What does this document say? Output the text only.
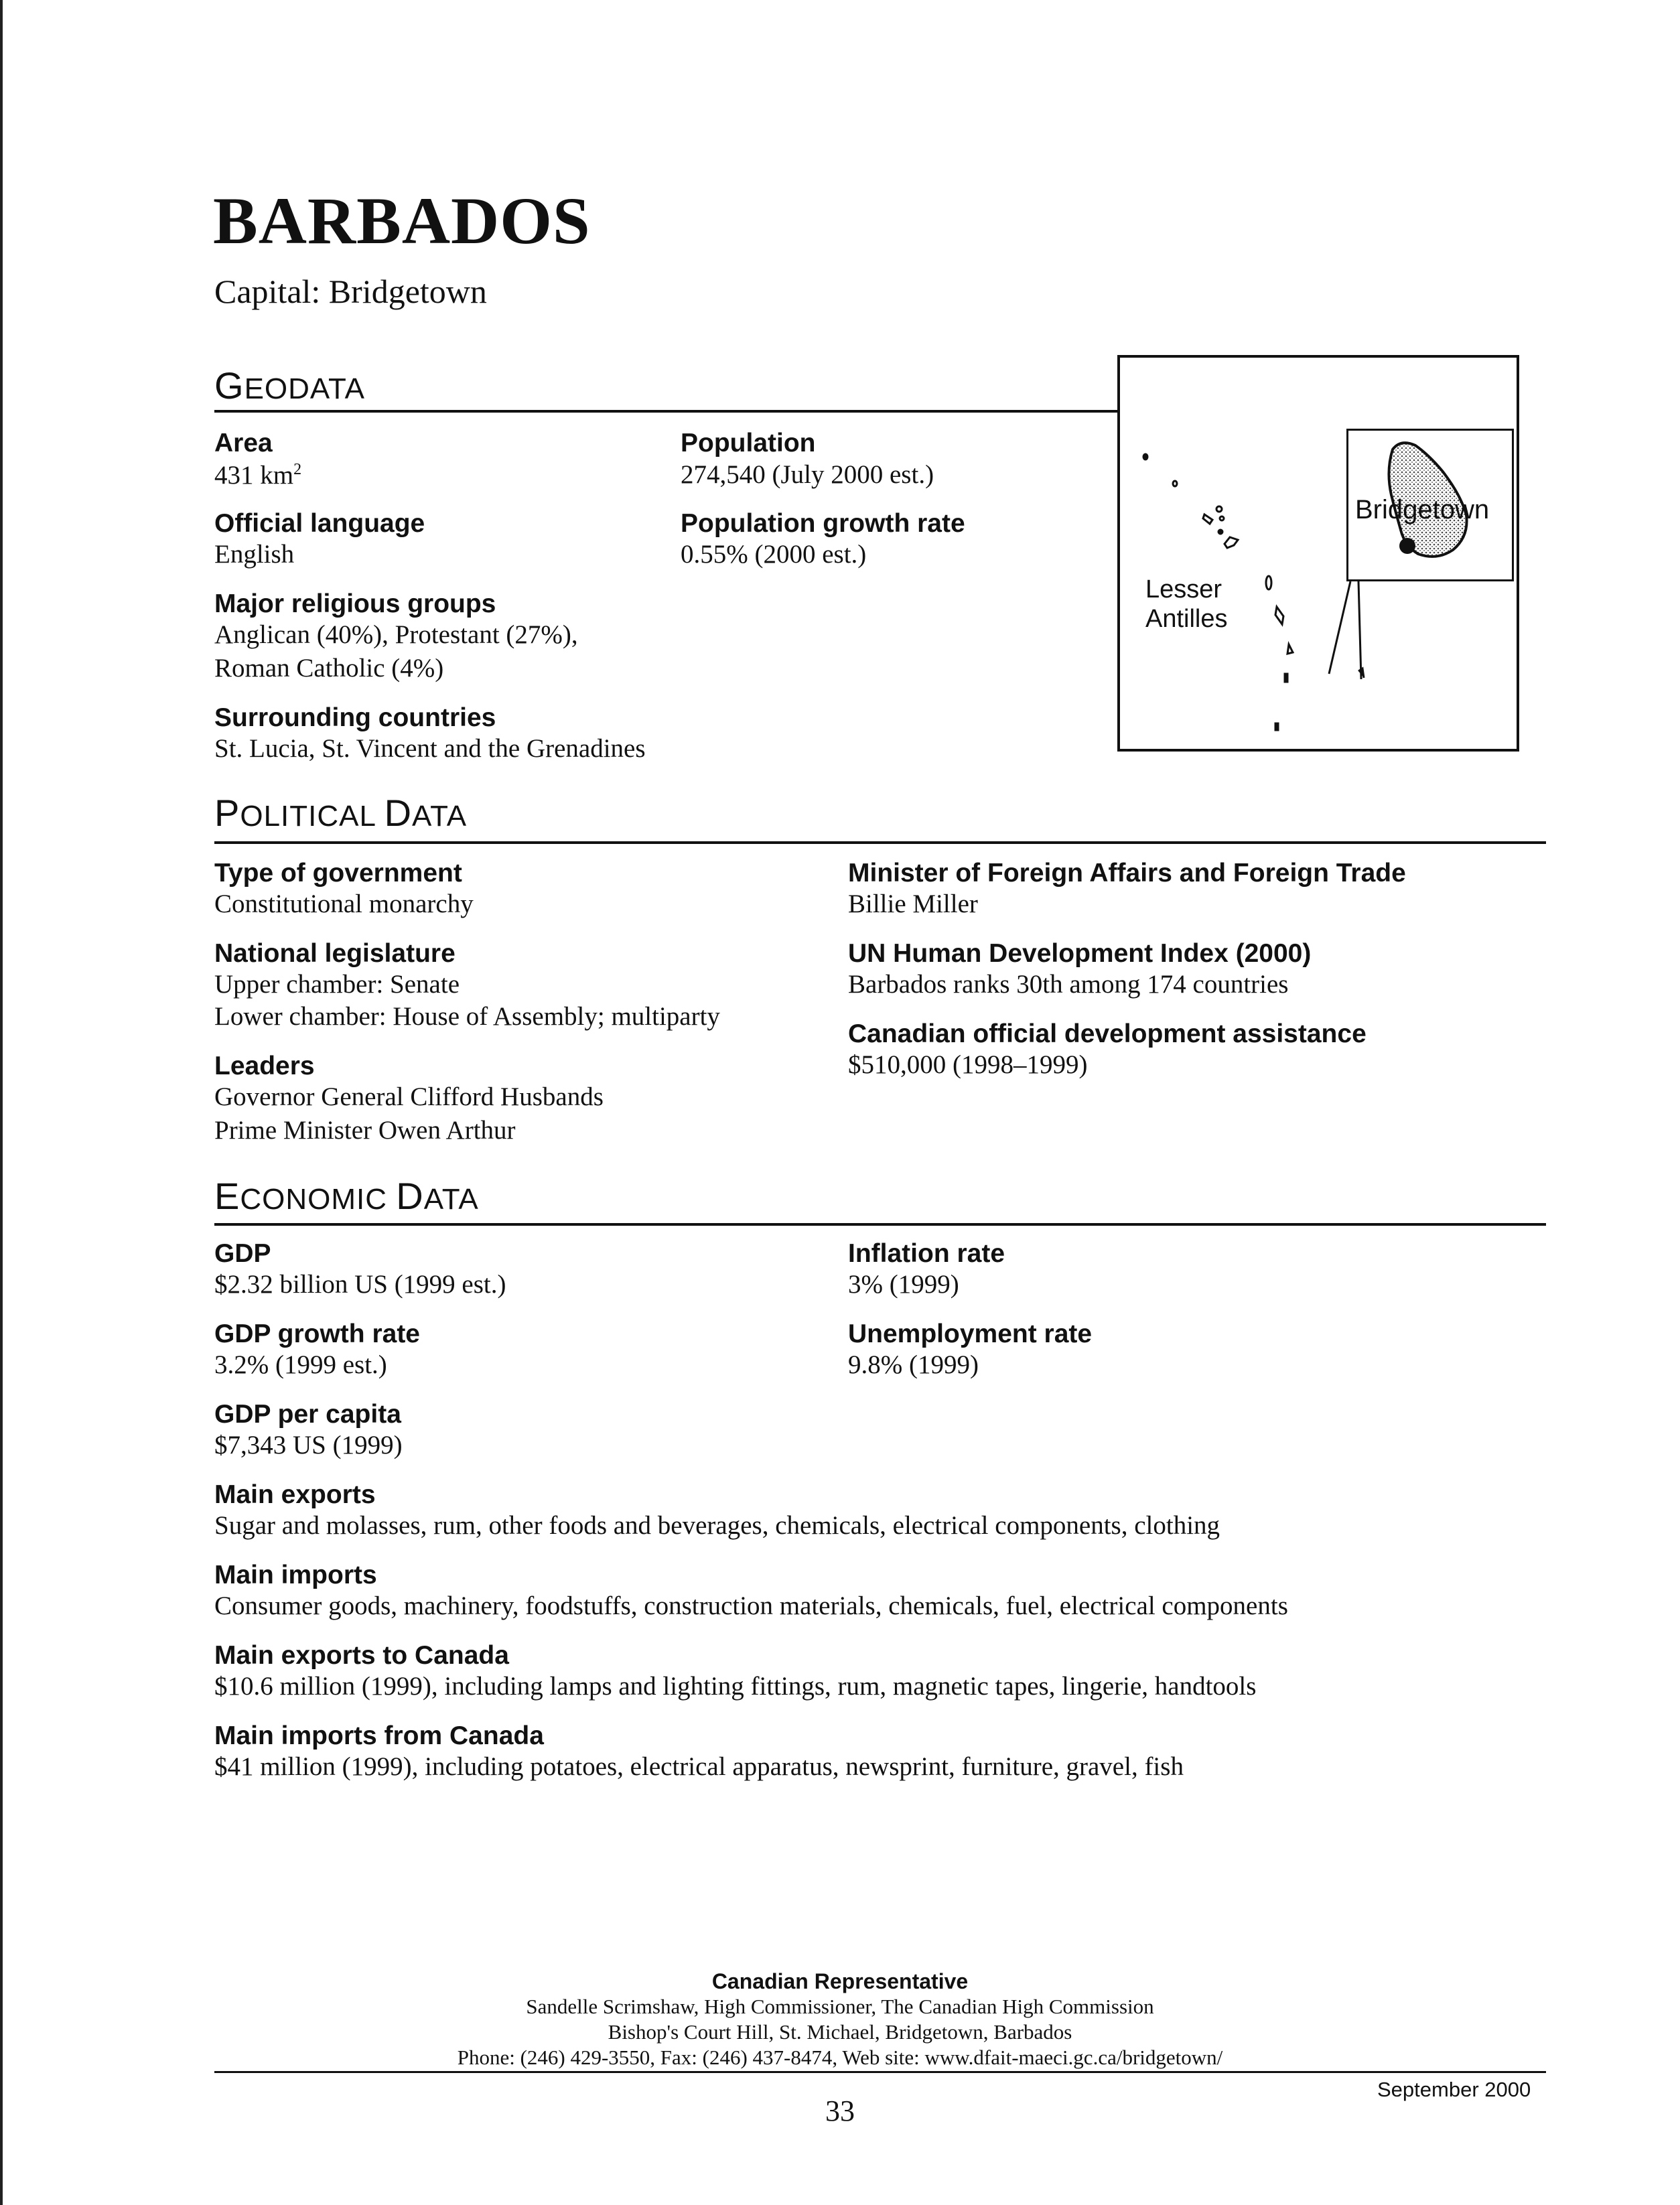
BARBADOS
Capital: Bridgetown
GEODATA
Area
431 $km^2$
Population
274,540 (July 2000 est.)
Official language
English
Population growth rate
0.55% (2000 est.)
Major religious groups
Anglican (40%), Protestant (27%),
Roman Catholic (4%)
Surrounding countries
St. Lucia, St. Vincent and the Grenadines
Lesser
Antilles
Bridgetown
POLITICAL DATA
Type of government
Constitutional monarchy
National legislature
Upper chamber: Senate
Lower chamber: House of Assembly; multiparty
Leaders
Governor General Clifford Husbands
Prime Minister Owen Arthur
Minister of Foreign Affairs and Foreign Trade
Billie Miller
UN Human Development Index (2000)
Barbados ranks 30th among 174 countries
Canadian official development assistance
$510,000 (1998–1999)
ECONOMIC DATA
GDP
$2.32 billion US (1999 est.)
GDP growth rate
3.2% (1999 est.)
GDP per capita
$7,343 US (1999)
Inflation rate
3% (1999)
Unemployment rate
9.8% (1999)
Main exports
Sugar and molasses, rum, other foods and beverages, chemicals, electrical components, clothing
Main imports
Consumer goods, machinery, foodstuffs, construction materials, chemicals, fuel, electrical components
Main exports to Canada
$10.6 million (1999), including lamps and lighting fittings, rum, magnetic tapes, lingerie, handtools
Main imports from Canada
$41 million (1999), including potatoes, electrical apparatus, newsprint, furniture, gravel, fish
Canadian Representative
Sandelle Scrimshaw, High Commissioner, The Canadian High Commission
Bishop's Court Hill, St. Michael, Bridgetown, Barbados
Phone: (246) 429-3550, Fax: (246) 437-8474, Web site: www.dfait-maeci.gc.ca/bridgetown/
September 2000
33
